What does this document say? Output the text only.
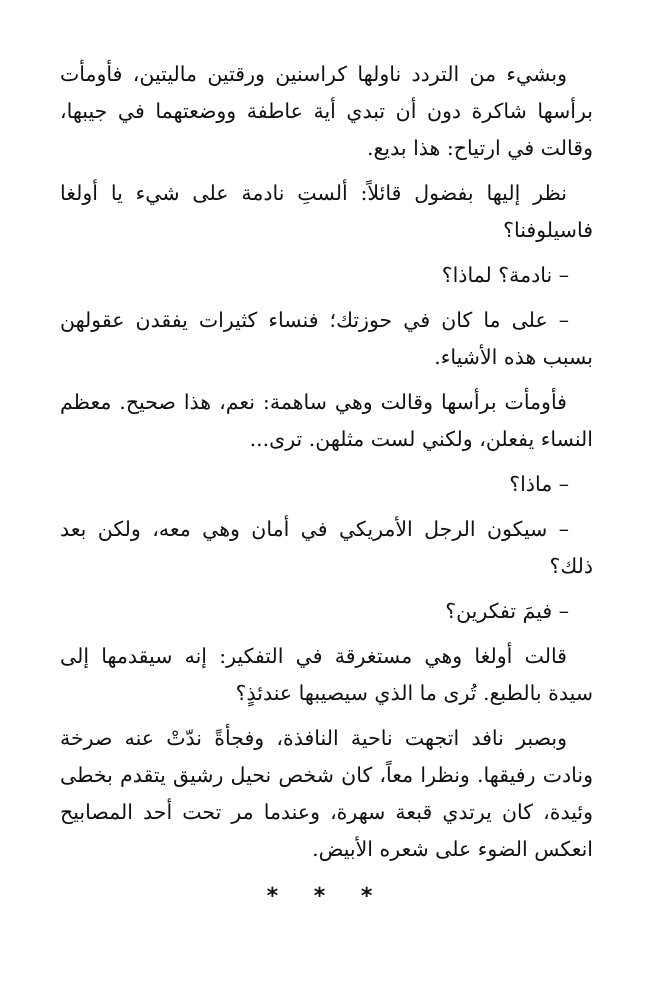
وبشيء من التردد ناولها كراسنين ورقتين ماليتين، فأومأت برأسها شاكرة دون أن تبدي أية عاطفة ووضعتهما في جيبها، وقالت في ارتياح: هذا بديع.

نظر إليها بفضول قائلاً: ألستِ نادمة على شيء يا أولغا فاسيلوفنا؟

– نادمة؟ لماذا؟

– على ما كان في حوزتك؛ فنساء كثيرات يفقدن عقولهن بسبب هذه الأشياء.

فأومأت برأسها وقالت وهي ساهمة: نعم، هذا صحيح. معظم النساء يفعلن، ولكني لست مثلهن. ترى...

– ماذا؟

– سيكون الرجل الأمريكي في أمان وهي معه، ولكن بعد ذلك؟

– فيمَ تفكرين؟

قالت أولغا وهي مستغرقة في التفكير: إنه سيقدمها إلى سيدة بالطبع. تُرى ما الذي سيصيبها عندئذٍ؟

وبصبر نافد اتجهت ناحية النافذة، وفجأةً ندّتْ عنه صرخة ونادت رفيقها. ونظرا معاً، كان شخص نحيل رشيق يتقدم بخطى وئيدة، كان يرتدي قبعة سهرة، وعندما مر تحت أحد المصابيح انعكس الضوء على شعره الأبيض.

* * *
